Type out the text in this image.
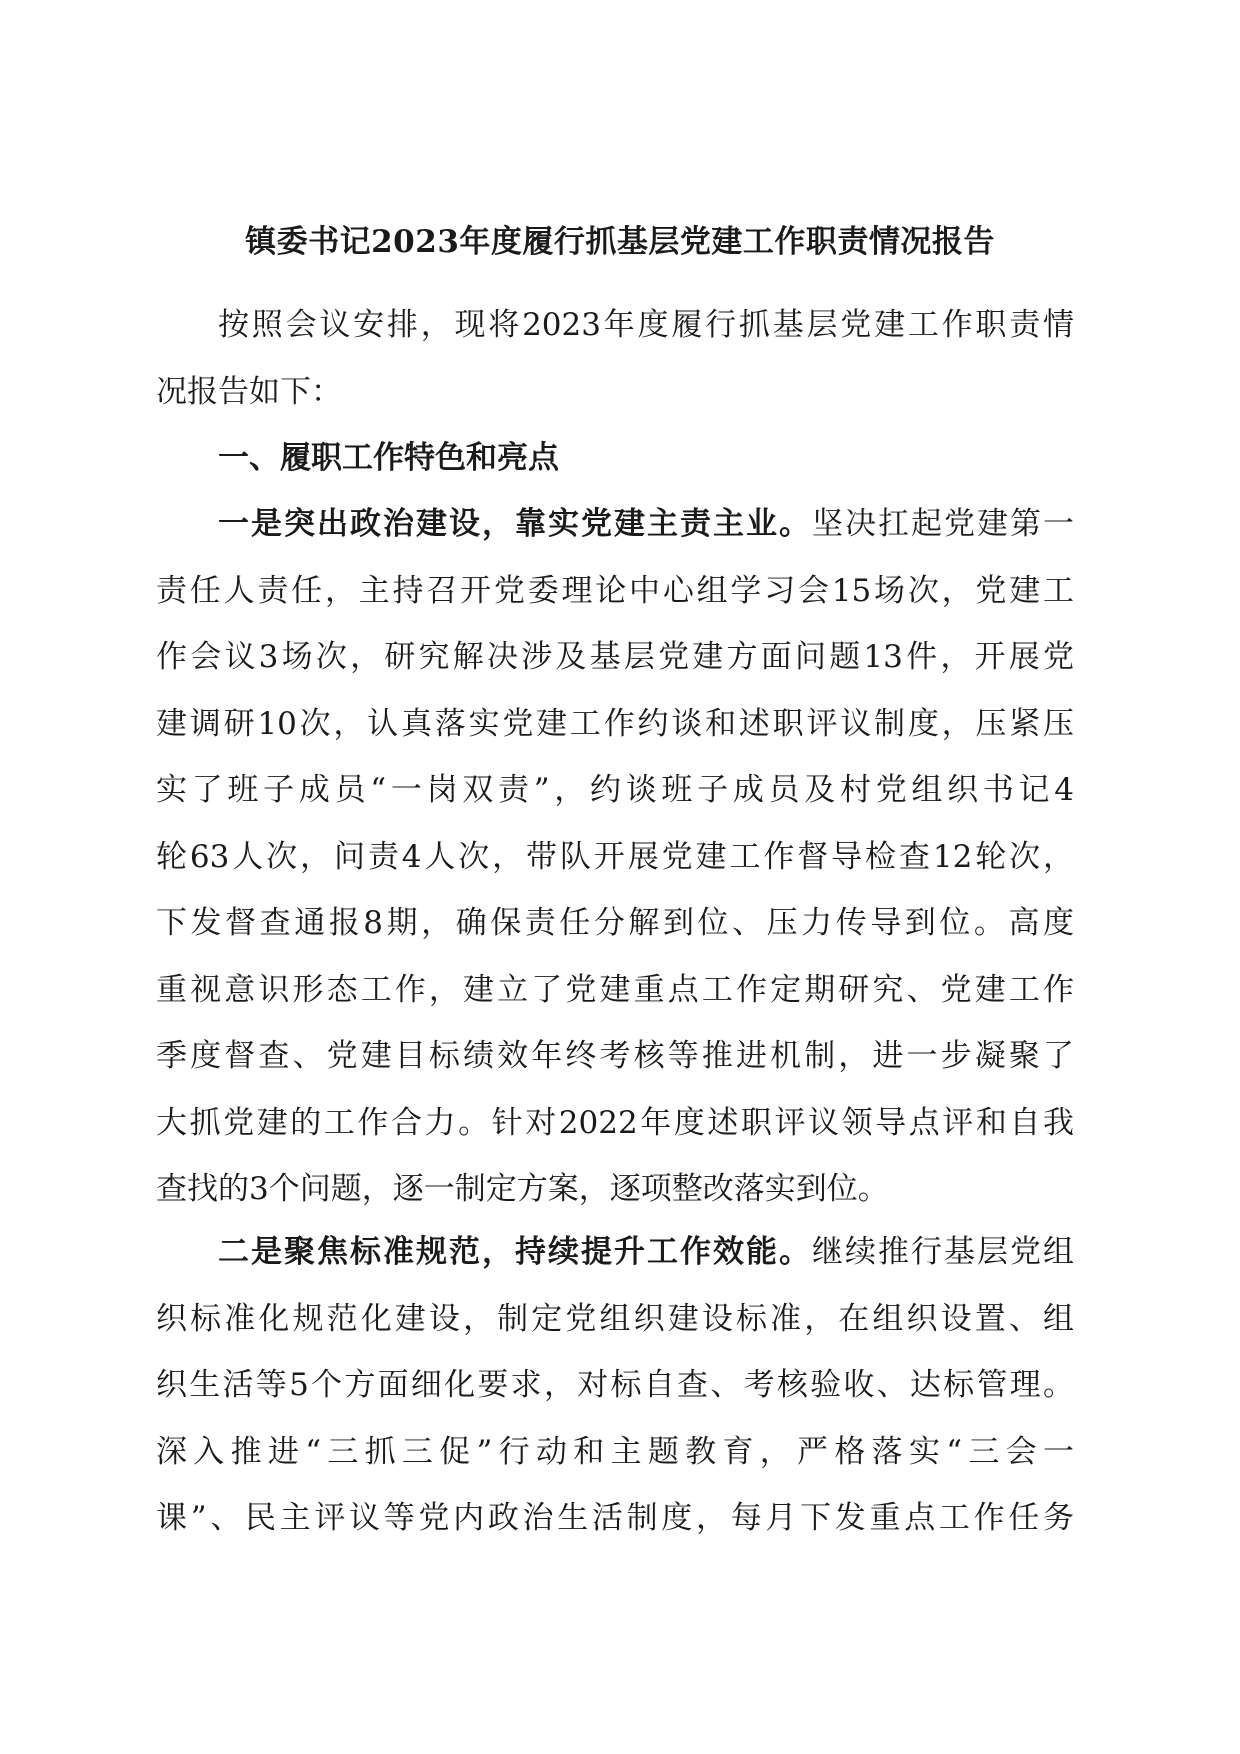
镇委书记2023年度履行抓基层党建工作职责情况报告
按照会议安排，现将2023年度履行抓基层党建工作职责情
况报告如下：
一、履职工作特色和亮点
一是突出政治建设，靠实党建主责主业。坚决扛起党建第一
责任人责任，主持召开党委理论中心组学习会15场次，党建工
作会议3场次，研究解决涉及基层党建方面问题13件，开展党
建调研10次，认真落实党建工作约谈和述职评议制度，压紧压
实了班子成员“一岗双责”，约谈班子成员及村党组织书记4
轮63人次，问责4人次，带队开展党建工作督导检查12轮次，
下发督查通报8期，确保责任分解到位、压力传导到位。高度
重视意识形态工作，建立了党建重点工作定期研究、党建工作
季度督查、党建目标绩效年终考核等推进机制，进一步凝聚了
大抓党建的工作合力。针对2022年度述职评议领导点评和自我
查找的3个问题，逐一制定方案，逐项整改落实到位。
二是聚焦标准规范，持续提升工作效能。继续推行基层党组
织标准化规范化建设，制定党组织建设标准，在组织设置、组
织生活等5个方面细化要求，对标自查、考核验收、达标管理。
深入推进“三抓三促”行动和主题教育，严格落实“三会一
课”、民主评议等党内政治生活制度，每月下发重点工作任务
